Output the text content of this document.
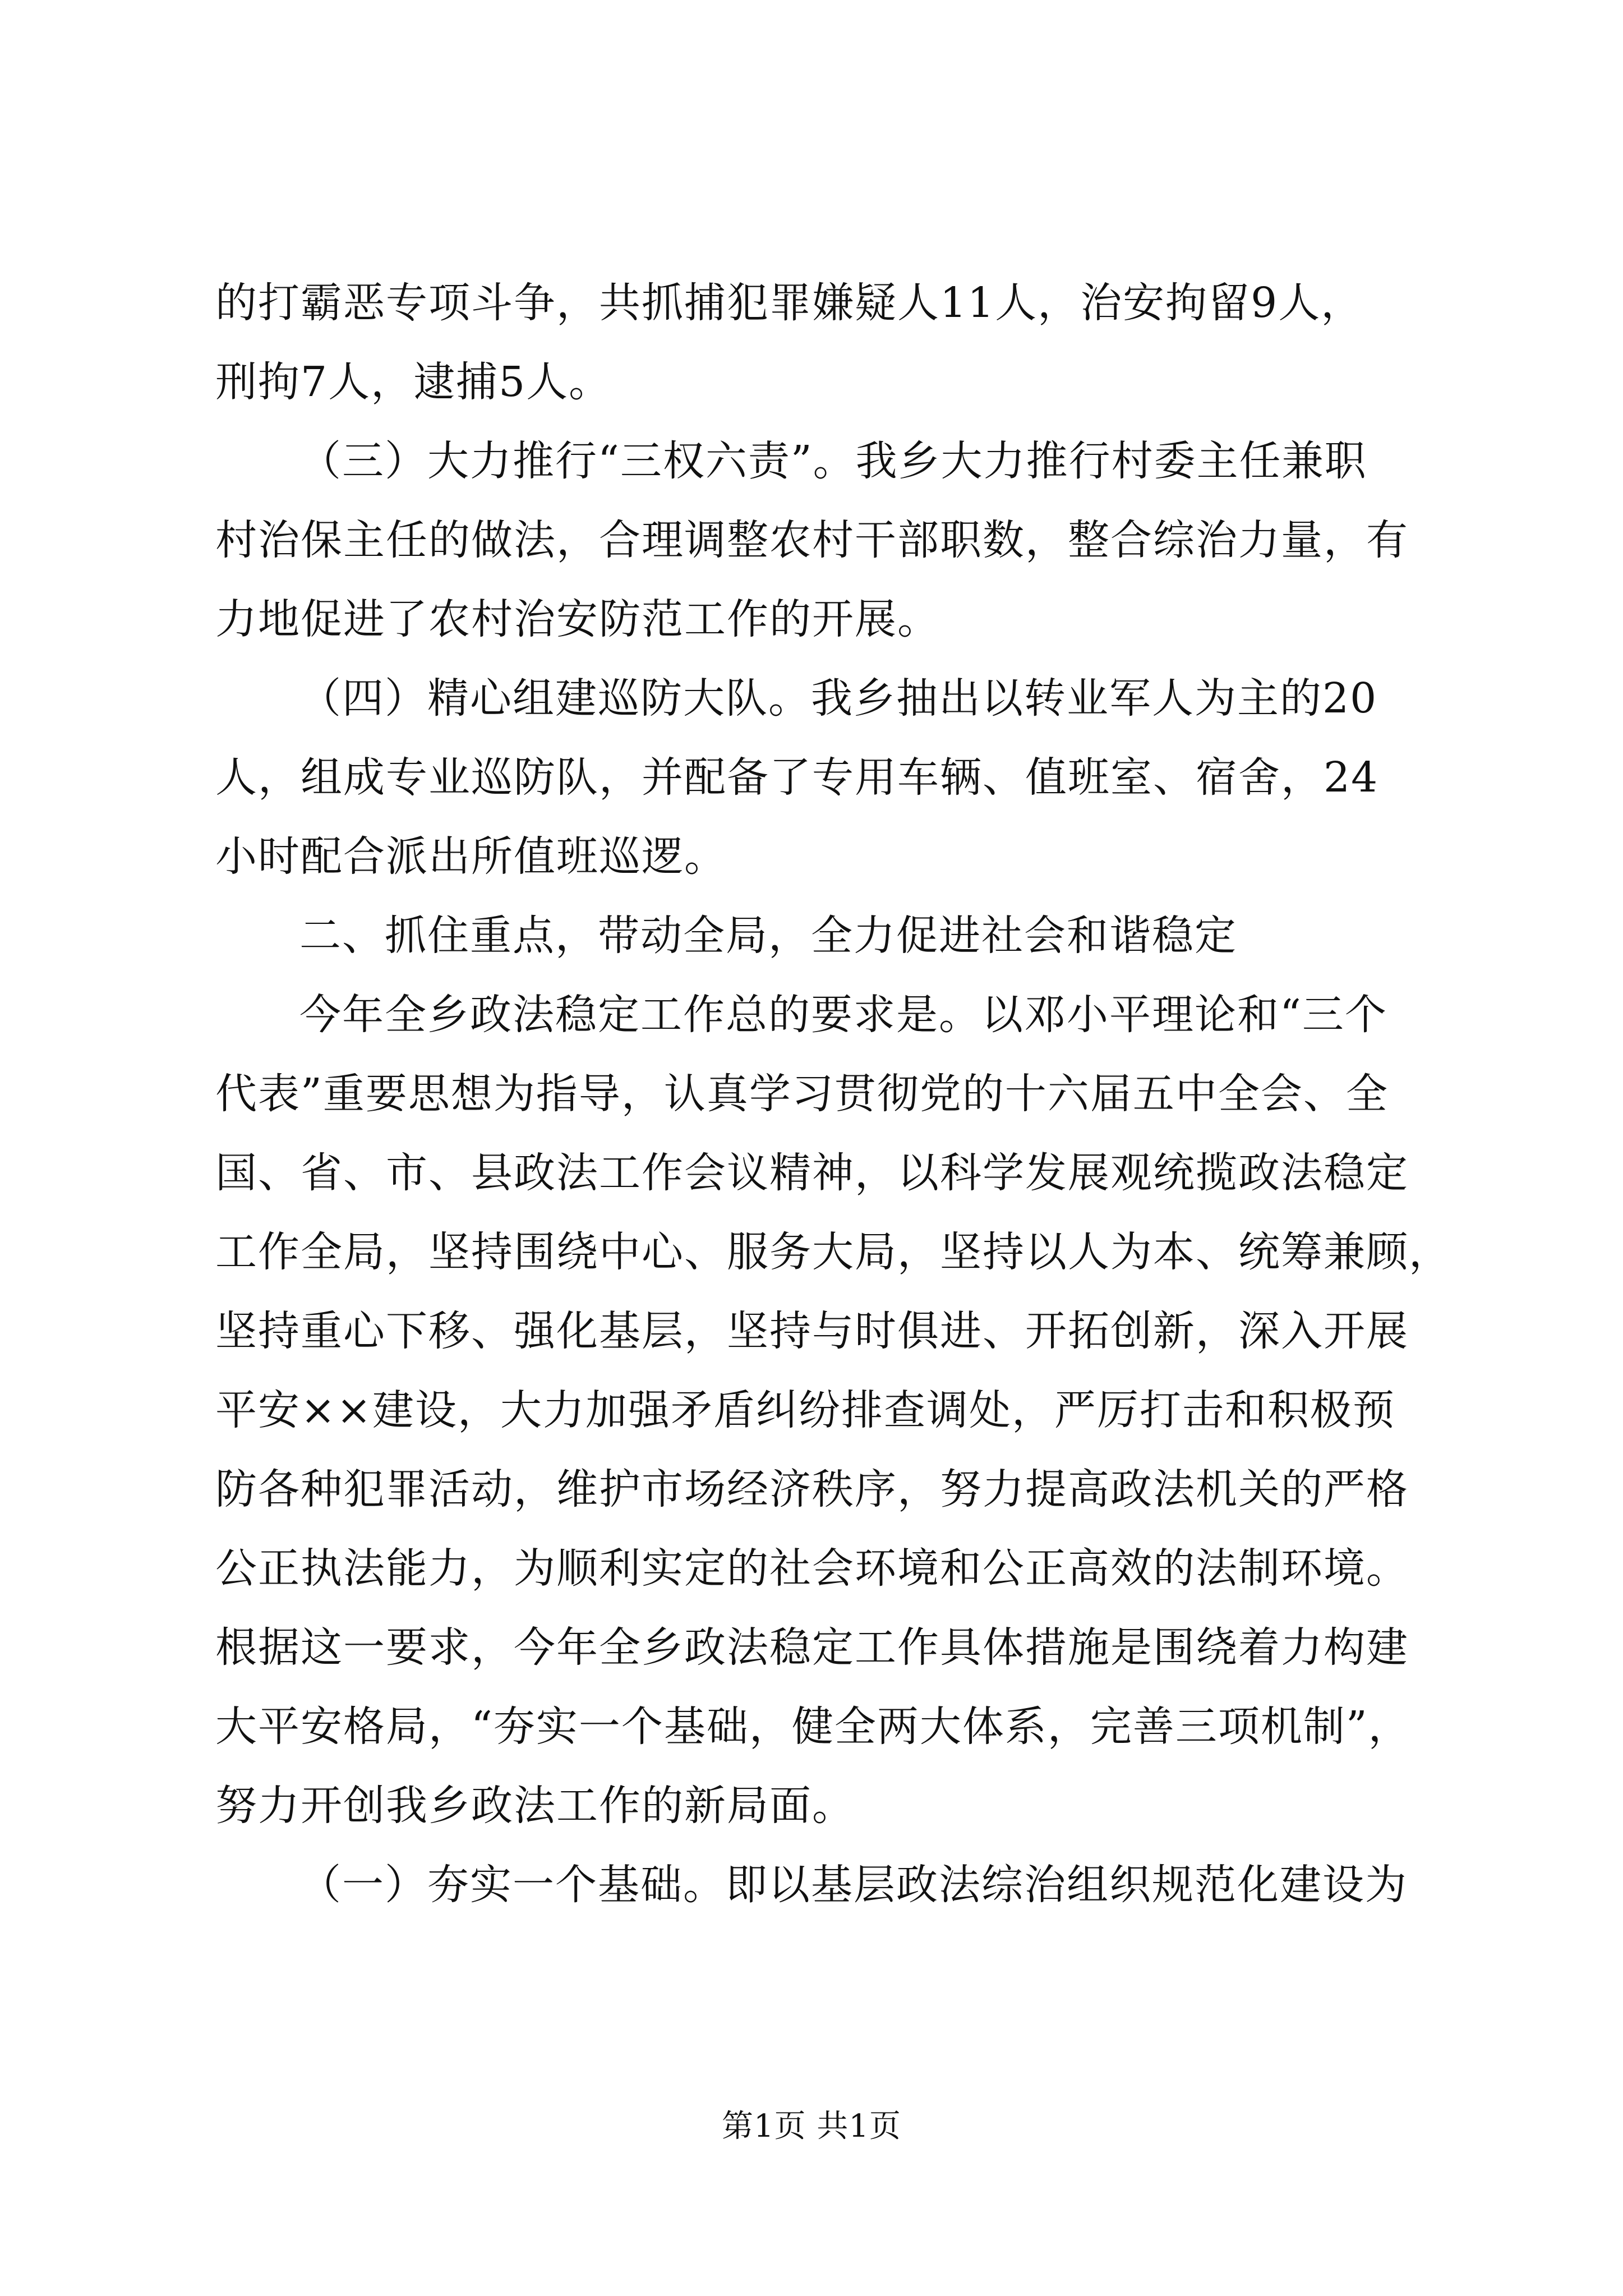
的打霸恶专项斗争，共抓捕犯罪嫌疑人11人，治安拘留9人，
刑拘7人，逮捕5人。
（三）大力推行“三权六责”。我乡大力推行村委主任兼职
村治保主任的做法，合理调整农村干部职数，整合综治力量，有
力地促进了农村治安防范工作的开展。
（四）精心组建巡防大队。我乡抽出以转业军人为主的20
人，组成专业巡防队，并配备了专用车辆、值班室、宿舍，24
小时配合派出所值班巡逻。
二、抓住重点，带动全局，全力促进社会和谐稳定
今年全乡政法稳定工作总的要求是。以邓小平理论和“三个
代表”重要思想为指导，认真学习贯彻党的十六届五中全会、全
国、省、市、县政法工作会议精神，以科学发展观统揽政法稳定
工作全局，坚持围绕中心、服务大局，坚持以人为本、统筹兼顾，
坚持重心下移、强化基层，坚持与时俱进、开拓创新，深入开展
平安××建设，大力加强矛盾纠纷排查调处，严厉打击和积极预
防各种犯罪活动，维护市场经济秩序，努力提高政法机关的严格
公正执法能力，为顺利实定的社会环境和公正高效的法制环境。
根据这一要求，今年全乡政法稳定工作具体措施是围绕着力构建
大平安格局，“夯实一个基础，健全两大体系，完善三项机制”，
努力开创我乡政法工作的新局面。
（一）夯实一个基础。即以基层政法综治组织规范化建设为
第1页 共1页
